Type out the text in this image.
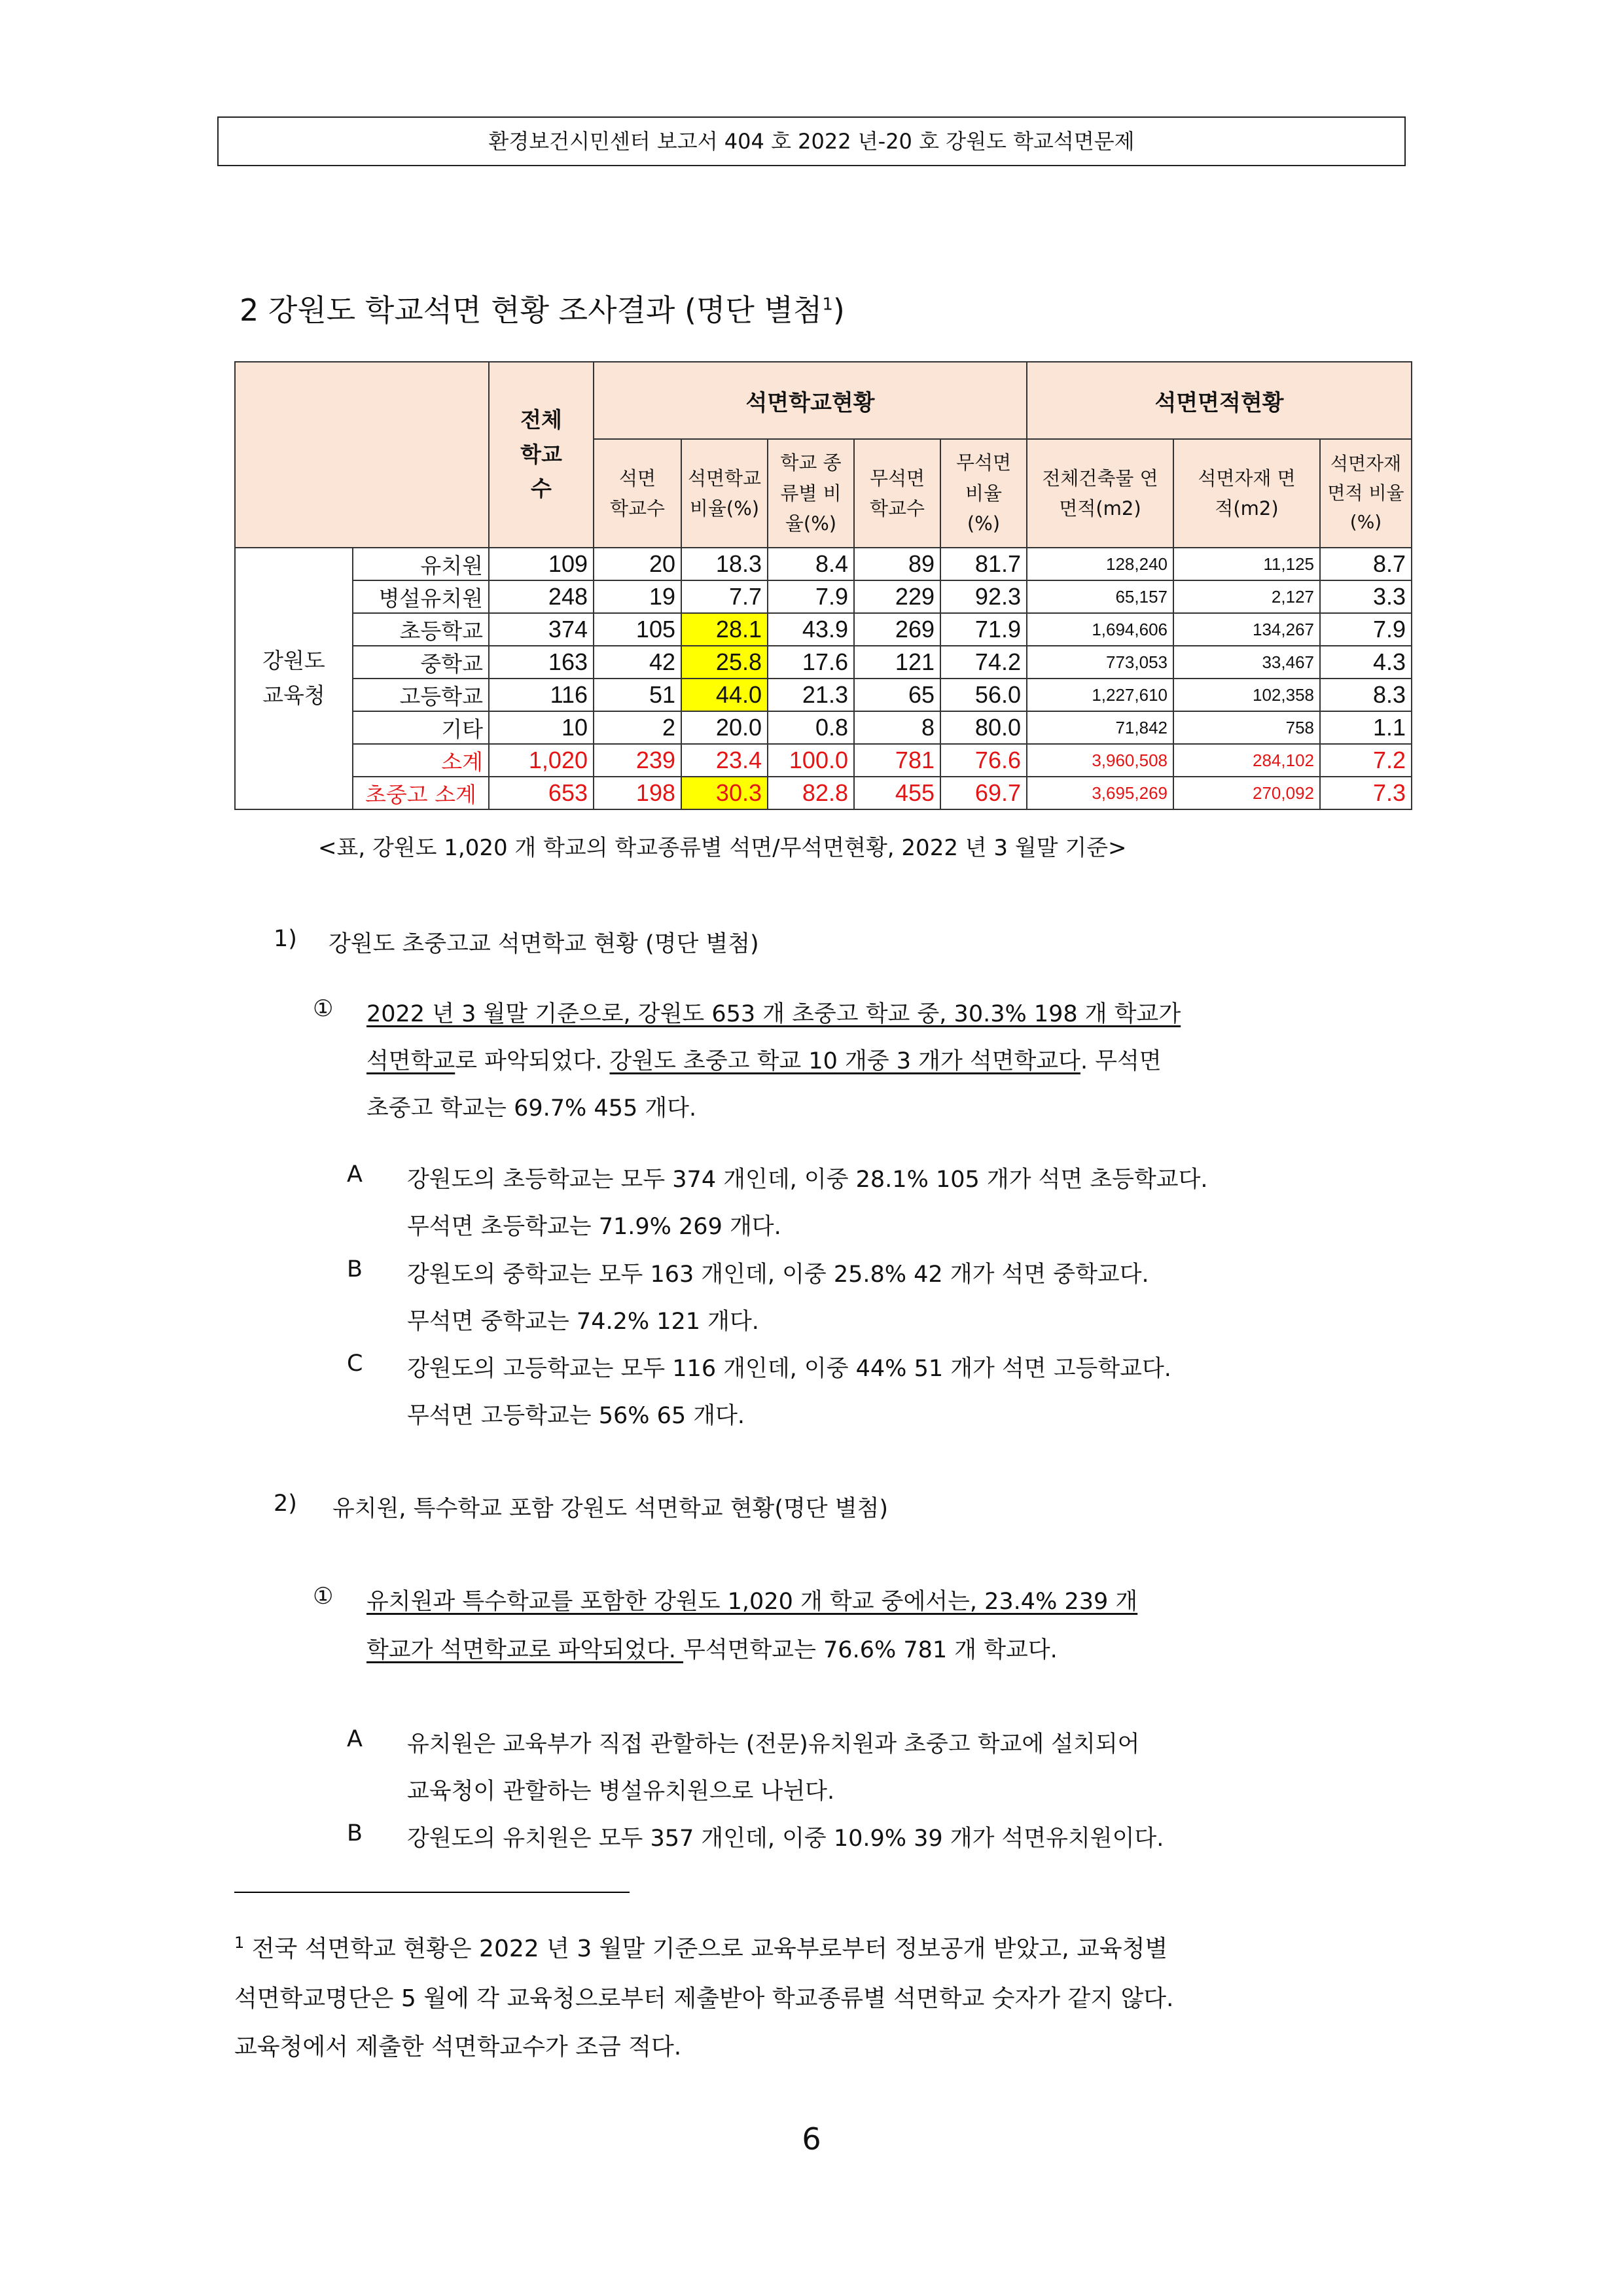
환경보건시민센터 보고서 404 호 2022 년-20 호 강원도 학교석면문제
2 강원도 학교석면 현황 조사결과 (명단 별첨$^1$)
		전체 학교수	석면학교현황					석면면적현황		
			석면 학교수	석면학교 비율(%)	학교 종류별 비율(%)	무석면 학교수	무석면 비율(%)	전체건축물 연면적(m2)	석면자재 면적(m2)	석면자재 면적 비율(%)
강원도 교육청	유치원	109	20	18.3	8.4	89	81.7	128,240	11,125	8.7
	병설유치원	248	19	7.7	7.9	229	92.3	65,157	2,127	3.3
	초등학교	374	105	28.1	43.9	269	71.9	1,694,606	134,267	7.9
	중학교	163	42	25.8	17.6	121	74.2	773,053	33,467	4.3
	고등학교	116	51	44.0	21.3	65	56.0	1,227,610	102,358	8.3
	기타	10	2	20.0	0.8	8	80.0	71,842	758	1.1
	소계	1,020	239	23.4	100.0	781	76.6	3,960,508	284,102	7.2
	초중고 소계	653	198	30.3	82.8	455	69.7	3,695,269	270,092	7.3
<표, 강원도 1,020 개 학교의 학교종류별 석면/무석면현황, 2022 년 3 월말 기준>
1) 강원도 초중고교 석면학교 현황 (명단 별첨)
① 2022 년 3 월말 기준으로, 강원도 653 개 초중고 학교 중, 30.3% 198 개 학교가
석면학교로 파악되었다. 강원도 초중고 학교 10 개중 3 개가 석면학교다. 무석면
초중고 학교는 69.7% 455 개다.
A 강원도의 초등학교는 모두 374 개인데, 이중 28.1% 105 개가 석면 초등학교다.
무석면 초등학교는 71.9% 269 개다.
B 강원도의 중학교는 모두 163 개인데, 이중 25.8% 42 개가 석면 중학교다.
무석면 중학교는 74.2% 121 개다.
C 강원도의 고등학교는 모두 116 개인데, 이중 44% 51 개가 석면 고등학교다.
무석면 고등학교는 56% 65 개다.
2) 유치원, 특수학교 포함 강원도 석면학교 현황(명단 별첨)
① 유치원과 특수학교를 포함한 강원도 1,020 개 학교 중에서는, 23.4% 239 개
학교가 석면학교로 파악되었다. 무석면학교는 76.6% 781 개 학교다.
A 유치원은 교육부가 직접 관할하는 (전문)유치원과 초중고 학교에 설치되어
교육청이 관할하는 병설유치원으로 나뉜다.
B 강원도의 유치원은 모두 357 개인데, 이중 10.9% 39 개가 석면유치원이다.
$^1$ 전국 석면학교 현황은 2022 년 3 월말 기준으로 교육부로부터 정보공개 받았고, 교육청별
석면학교명단은 5 월에 각 교육청으로부터 제출받아 학교종류별 석면학교 숫자가 같지 않다.
교육청에서 제출한 석면학교수가 조금 적다.
6
